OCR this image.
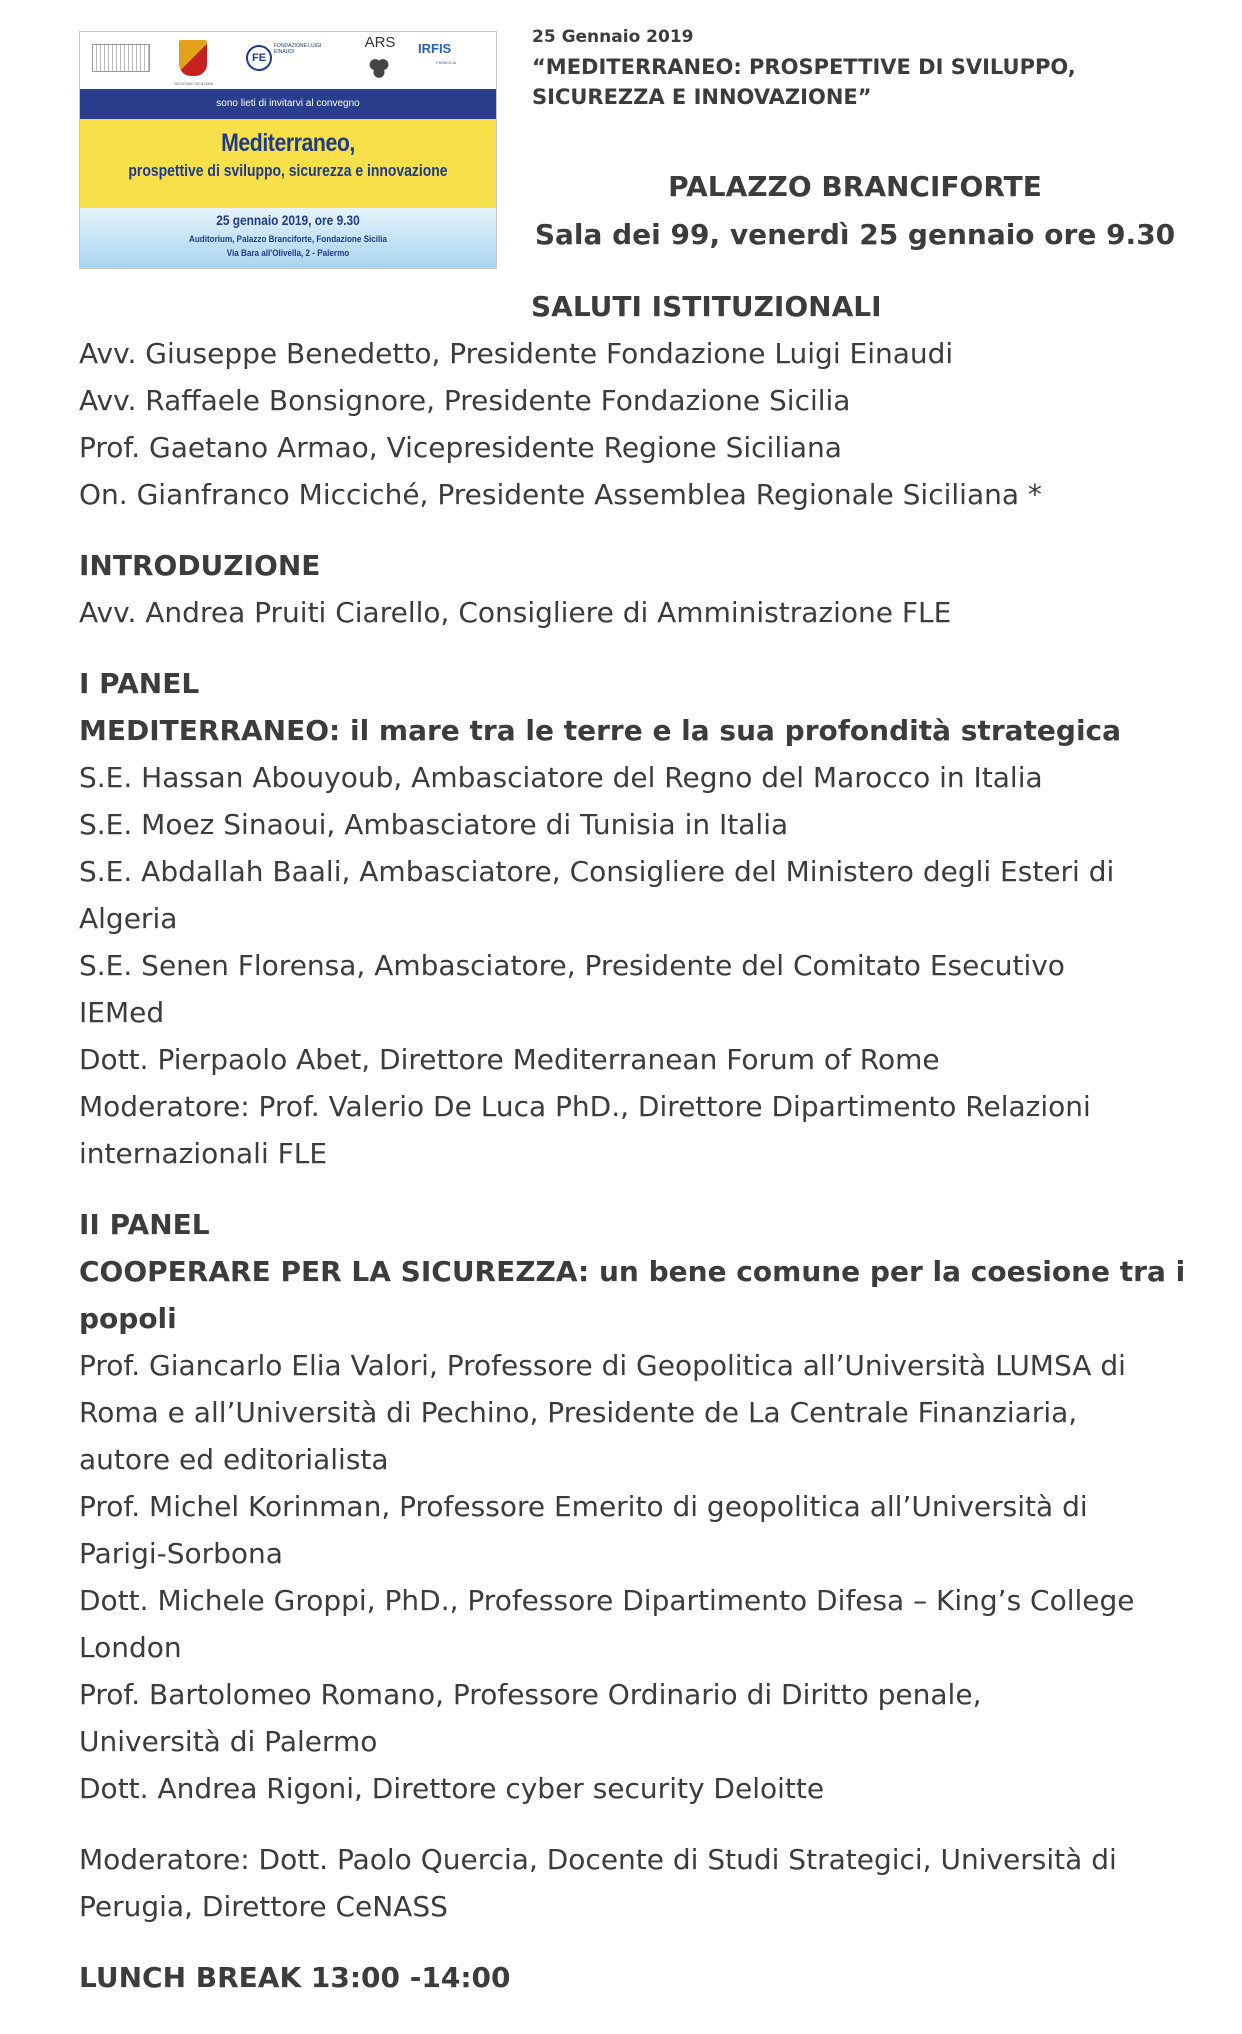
REGIONE SICILIANA
FE
FONDAZIONE LUIGI EINAUDI
ARS	IRFIS
FINSICILIA
sono lieti di invitarvi al convegno
Mediterraneo,
prospettive di sviluppo, sicurezza e innovazione
25 gennaio 2019, ore 9.30
Auditorium, Palazzo Branciforte, Fondazione Sicilia
Via Bara all'Olivella, 2 - Palermo
25 Gennaio 2019
“MEDITERRANEO: PROSPETTIVE DI SVILUPPO, SICUREZZA E INNOVAZIONE”
PALAZZO BRANCIFORTE
Sala dei 99, venerdì 25 gennaio ore 9.30
SALUTI ISTITUZIONALI
Avv. Giuseppe Benedetto, Presidente Fondazione Luigi Einaudi
Avv. Raffaele Bonsignore, Presidente Fondazione Sicilia
Prof. Gaetano Armao, Vicepresidente Regione Siciliana
On. Gianfranco Micciché, Presidente Assemblea Regionale Siciliana *
INTRODUZIONE
Avv. Andrea Pruiti Ciarello, Consigliere di Amministrazione FLE
I PANEL
MEDITERRANEO: il mare tra le terre e la sua profondità strategica
S.E. Hassan Abouyoub, Ambasciatore del Regno del Marocco in Italia
S.E. Moez Sinaoui, Ambasciatore di Tunisia in Italia
S.E. Abdallah Baali, Ambasciatore, Consigliere del Ministero degli Esteri di
Algeria
S.E. Senen Florensa, Ambasciatore, Presidente del Comitato Esecutivo
IEMed
Dott. Pierpaolo Abet, Direttore Mediterranean Forum of Rome
Moderatore: Prof. Valerio De Luca PhD., Direttore Dipartimento Relazioni
internazionali FLE
II PANEL
COOPERARE PER LA SICUREZZA: un bene comune per la coesione tra i
popoli
Prof. Giancarlo Elia Valori, Professore di Geopolitica all’Università LUMSA di
Roma e all’Università di Pechino, Presidente de La Centrale Finanziaria,
autore ed editorialista
Prof. Michel Korinman, Professore Emerito di geopolitica all’Università di
Parigi-Sorbona
Dott. Michele Groppi, PhD., Professore Dipartimento Difesa – King’s College
London
Prof. Bartolomeo Romano, Professore Ordinario di Diritto penale,
Università di Palermo
Dott. Andrea Rigoni, Direttore cyber security Deloitte
Moderatore: Dott. Paolo Quercia, Docente di Studi Strategici, Università di
Perugia, Direttore CeNASS
LUNCH BREAK 13:00 -14:00
